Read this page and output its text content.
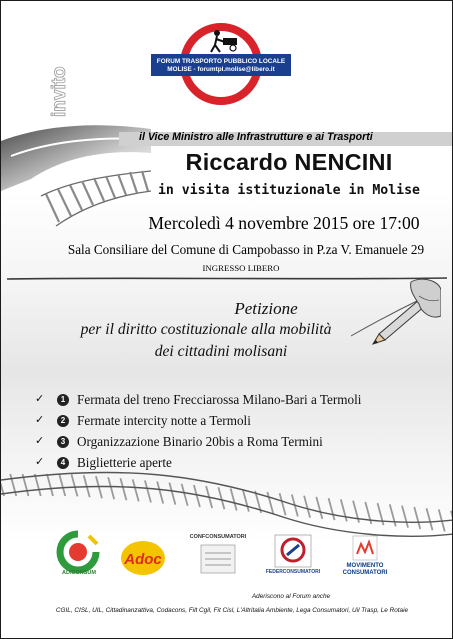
invito
FORUM TRASPORTO PUBBLICO LOCALE
MOLISE - forumtpl.molise@libero.it
il Vice Ministro alle Infrastrutture e ai Trasporti
Riccardo NENCINI
in visita istituzionale in Molise
Mercoledì 4 novembre 2015 ore 17:00
Sala Consiliare del Comune di Campobasso in P.za V. Emanuele 29
INGRESSO LIBERO
Petizione
per il diritto costituzionale alla mobilità
dei cittadini molisani
✓	1 Fermata del treno Frecciarossa Milano-Bari a Termoli
✓	2 Fermate intercity notte a Termoli
✓	3 Organizzazione Binario 20bis a Roma Termini
✓	4 Biglietterie aperte
ADICONSUM
Adoc
CONFCONSUMATORI
FEDERCONSUMATORI
MOVIMENTO
CONSUMATORI
Aderiscono al Forum anche
CGIL, CISL, UIL, Cittadinanzattiva, Codacons, Filt Cgil, Fit Cisl, L'Altritalia Ambiente, Lega Consumatori, Uil Trasp, Le Rotaie
